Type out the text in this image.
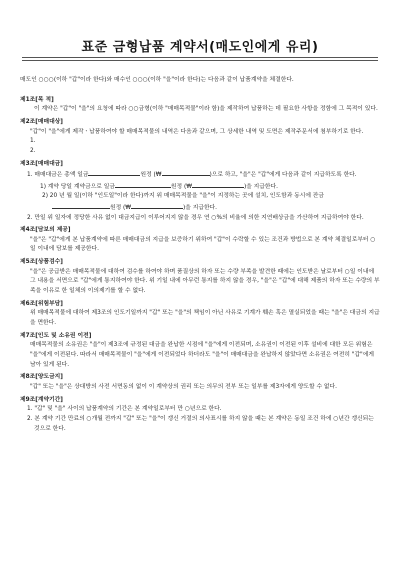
표준 금형납품 계약서(매도인에게 유리)

매도인 ○○○(이하 "갑"이라 한다)와 매수인 ○○○(이하 "을"이라 한다)는 다음과 같이 납품계약을 체결한다.

제1조[목 적]

이 계약은 "갑"이 "을"의 요청에 따라 ○○금형(이하 "매매목적물"이라 함)을 제작하여 납품하는 데 필요한 사항을 정함에 그 목적이 있다.

제2조[매매대상]

"갑"이 "을"에게 제작ㆍ납품하여야 할 매매목적물의 내역은 다음과 같으며, 그 상세한 내역 및 도면은 제작주문서에 첨부하기로 한다.

1.

2.

제3조[매매대금]

1. 매매대금은 총액 일금	원정 (₩	)으로 하고, "을"은 "갑"에게 다음과 같이 지급하도록 한다.

1) 계약 당일 계약금으로 일금	원정 (₩	)을 지급한다.

2) 20 년 월 일(이하 "인도일"이라 한다)까지 위 매매목적물을 "을"이 지정하는 곳에 설치, 인도함과 동시에 잔금원정 (₩	)을 지급한다.

2. 만일 위 일자에 정당한 사유 없이 대금지급이 이루어지지 않을 경우 연 ○%의 비율에 의한 지연배상금을 가산하여 지급하여야 한다.

제4조[담보의 제공]

"을"은 "갑"에게 본 납품계약에 따른 매매대금의 지급을 보증하기 위하여 "갑"이 수락할 수 있는 조건과 방법으로 본 계약 체결일로부터 ○일 이내에 담보를 제공한다.

제5조[상품검수]

"을"은 공급받은 매매목적물에 대하여 검수를 하여야 하며 품질상의 하자 또는 수량 부족을 발견한 때에는 인도받은 날로부터 ○일 이내에 그 내용을 서면으로 "갑"에게 통지하여야 한다. 위 기일 내에 아무런 통지를 하지 않을 경우, "을"은 "갑"에 대해 제품의 하자 또는 수량의 부족을 이유로 한 일체의 이의제기를 할 수 없다.

제6조[위험부담]

위 매매목적물에 대하여 제3조의 인도기일까지 "갑" 또는 "을"의 책임이 아닌 사유로 기계가 훼손 혹은 멸실되었을 때는 "을"은 대금의 지급을 면한다.

제7조[인도 및 소유권 이전]

매매목적물의 소유권은 "을"이 제3조에 규정된 대금을 완납한 시점에 "을"에게 이전되며, 소유권이 이전된 이후 설비에 대한 모든 위험은 "을"에게 이전된다. 따라서 매매목적물이 "을"에게 이전되었다 하더라도 "을"이 매매대금을 완납하지 않았다면 소유권은 여전히 "갑"에게 남아 있게 된다.

제8조[양도금지]

"갑" 또는 "을"은 상대방의 사전 서면동의 없이 이 계약상의 권리 또는 의무의 전부 또는 일부를 제3자에게 양도할 수 없다.

제9조[계약기간]

1. "갑" 및 "을" 사이의 납품계약의 기간은 본 계약일로부터 만 ○년으로 한다.

2. 본 계약 기간 만료의 ○개월 전까지 "갑" 또는 "을"이 갱신 거절의 의사표시를 하지 않을 때는 본 계약은 동일 조건 하에 ○년간 갱신되는 것으로 한다.
